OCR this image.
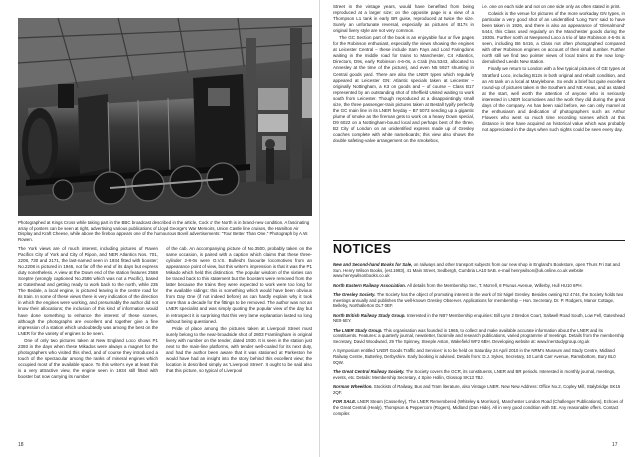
Photographed at Kings Cross while taking part in the BBC broadcast described in the article, Cock o' the North is in brand-new condition. A fascinating array of posters can be seen at right, advertising various publications of Lloyd George's War Memoirs, Union Castle line cruises, the Hamilton Air Display and Kraft Cheese, while above the firebox appears one of the humourous Bovril advertisements: "Tour Better Than One." Photograph by A.W. Rowen.

The York views are of much interest, including pictures of Raven Pacifics City of York and City of Ripon, and NER Atlantics Nos. 701, 2208, 730 and 2171, the last-named seen in 1934 fitted with booster; No.2208 is pictured in 1946, not far off the end of its days but express duty nonetheless. A view at the Down end of the station features 2568 Sceptre (wrongly captioned No.2586 which was not a Pacific), based at Gateshead and getting ready to work back to the north, while 235 The Bedale, a local engine, is pictured leaving in the centre road for its train. In some of these views there is very indication of the direction in which the engines were working, and presumably the author did not know their allocations; the inclusion of this kind of information would have done something to enhance the interest of these scenes, although the photographs are excellent and together give a fine impression of a station which undoubtedly was among the best on the LNER for the variety of engines to be seen.

One of only two pictures taken at New England Loco shows P1 2393 in the days when these Mikados were always a magnet for the photographers who visited this shed, and of course they introduced a touch of the spectacular among the ranks of mineral engines which occupied most of the available space. To this writer's eye at least this is a very attractive view, the engine seen in 1934 still fitted with booster but now carrying its number

of the cab. An accompanying picture of No.3500, probably taken on the same occasion, is paired with a caption which claims that these three-cylinder 2-8-0s were O.V.S. Bulleid's favourite locomotives from an appearance point of view, but this writer's impression is that it was the P1 Mikado which held this distinction. The popular wisdom of the sixties can be traced back to this statement but the boosters were removed from the latter because the trains they were expected to work were too long for the available sidings: this is something which would have been obvious from Day One (if not indeed before) as can hardly explain why it took more than a decade for the fittings to be removed. The author was not an LNER specialist and was simply quoting the popular view of the day but in retrospect it is surprising that this very lame explanation lasted so long without being questioned.

Pride of place among the pictures taken at Liverpool Street must surely belong to the near-broadside shot of 2803 Framlingham in original livery with number on the tender, dated 1930. It is seen in the station just next to the main-line platforms, with tender well-coaled for its next duty, and had the author been aware that it was stationed at Parkeston he would have had an insight into the story behind this excellent view; the location is described simply as 'Liverpool Street'. It ought to be said also that this picture, so typical of Liverpool

18

Street in the vintage years, would have benefited from being reproduced at a larger size; on the opposite page is a view of a Thompson L1 tank in early BR guise, reproduced at twice the size. Surely an unfortunate reversal, especially as pictures of B17s in original livery style are not very common.

The GC Section part of the book is an enjoyable four or five pages for the Robinson enthusiast, especially the views showing the engines at Leicester Central – these include Sam Fays and Lord Faringdons waiting in the middle road for trains to Manchester, C4 Atlantics, Directors, D9s, early Robinson 4-6-0s, a Crab (No.5343, allocated to Annesley at the time of the picture), and even N5 5927 shunting in Central goods yard. There are also the LNER types which regularly appeared at Leicester GN: Atlantic specials taken at Leicester – originally Nottingham, a K3 on goods and – of course – Class B17 represented by an outstanding shot of Sheffield United waiting to work south from Leicester. Though reproduced at a disappointingly small size, the three passenger-train pictures taken at Bestall typify perfectly the GC main line in its LNER heyday – B7 5073 sending up a gigantic plume of smoke as the fireman gets to work on a heavy Down special, D9 6022 on a Nottingham-bound local and perhaps best of the three, B2 City of London on an unidentified express made up of Gresley coaches complete with white nameboards; this view also shows the double safeting-valve arrangement on the smokebox,

i.e. one on each side and not on one side only as often stated in print.

Colwick is the venue for pictures of the more workaday GN types, in particular a very good shot of an unidentified 'Long Tom' said to have been taken in 1926, and there is also an appearance of 'Glenalmond' 5444, this Class used regularly on the Manchester goods during the 1930s. Further north at Neepsend Loco a trio of late Robinson 4-6-0s is seen, including B6 5416, a Class not often photographed compared with other Robinson engines on account of their small number. Further north still we find two pointer views of local trains at the now long-demolished Leeds New station.

Finally we return to London with a few typical pictures of GE types at Stratford Loco, including B12s in both original and rebuilt condition, and an A5 tank on a local at Marylebone. So ends a brief but quite excellent round-up of pictures taken in the Southern and NE Areas, and as stated at the start, well worth the attention of anyone who is seriously interested in LNER locomotives and the work they did during the great days of the company. As has been said before, we can only marvel at the enthusiasm and dedication of photographers such as Arthur Flowers who went so much time recording scenes which at this distance in time have acquired an historical value which was probably not appreciated in the days when such sights could be seen every day.

NOTICES
New and Second-hand Books for Sale, on railways and other transport subjects from our new shop in England's Bookstore, open Thurs Fri Sat and Sun. Henry Wilson Books, (est.1983), 41 Main Street, Sedbergh, Cumbria LA10 5AB. e-mail henrywilson@uk.online.co.uk website www.henrywilsonbooks.co.uk
North Eastern Railway Association. All details from the Membership Sec, T. Morrell, 8 Prunus Avenue, Willerby, Hull HU10 6PH.
The Gresley Society. The Society has the object of promoting interest in the work of Sir Nigel Gresley. Besides owning N2 4744, the Society holds two meetings annually and publishes the well-known Gresley Observer. Applications for membership – Hon. Secretary, Dr. P. Rodgers, Manor Cottage, Belleby, Northallerton DL7 0EF.
North British Railway Study Group. Interested in the NB? Membership enquiries: Bill Lynn 2 Bredon Court, Saltwell Road South, Low Fell, Gateshead NE9 6EY.
The LNER Study Group. This organisation was founded in 1965, to collect and make available accurate information about the LNER and its constituents. Features: a quarterly journal, newsletter, facsimile and research publications, varied programme of meetings. Details from the membership Secretary, David Woodward, 29 The Spinney, Steeple Aston, Wakefield WF2 6BH. Developing website at: www.lnerstudygroup.org.uk
A Symposium entitled 'LNER Goods Traffic and Services' is to be held on Saturday 24 April 2010 in the NRM's Museum and Study Centre, Midland Railway Centre, Butterley, Derbyshire. Early booking is advised. Details from: D.J. Sykes, Secretary, 10 Lumb Carr Avenue, Ramsbottom, Bury BL0 0QW.
The Great Central Railway Society. The Society covers the GCR, its constituents, LNER and BR periods. Interested in monthly journal, meetings, events, etc. Details: Membership Secretary, 4 Spire Hollin, Glossop SK13 7BJ.
Norman Wheeldon. Stockists of Railway, Bus and Tram literature, also Vintage LNER. New New Address: Office No.2, Copley Mill, Stalybridge SK15 2QF.
FOR SALE. LNER Steam (Casserley), The LNER Remembered (Whiteley & Morrison), Manchester London Road (Challenger Publications), Echoes of the Great Central (Healy), Thompson & Peppercorn (Rogers), Midland (Dan Hide). All in very good condition with SE. Any reasonable offers. Contact compiler.
17
